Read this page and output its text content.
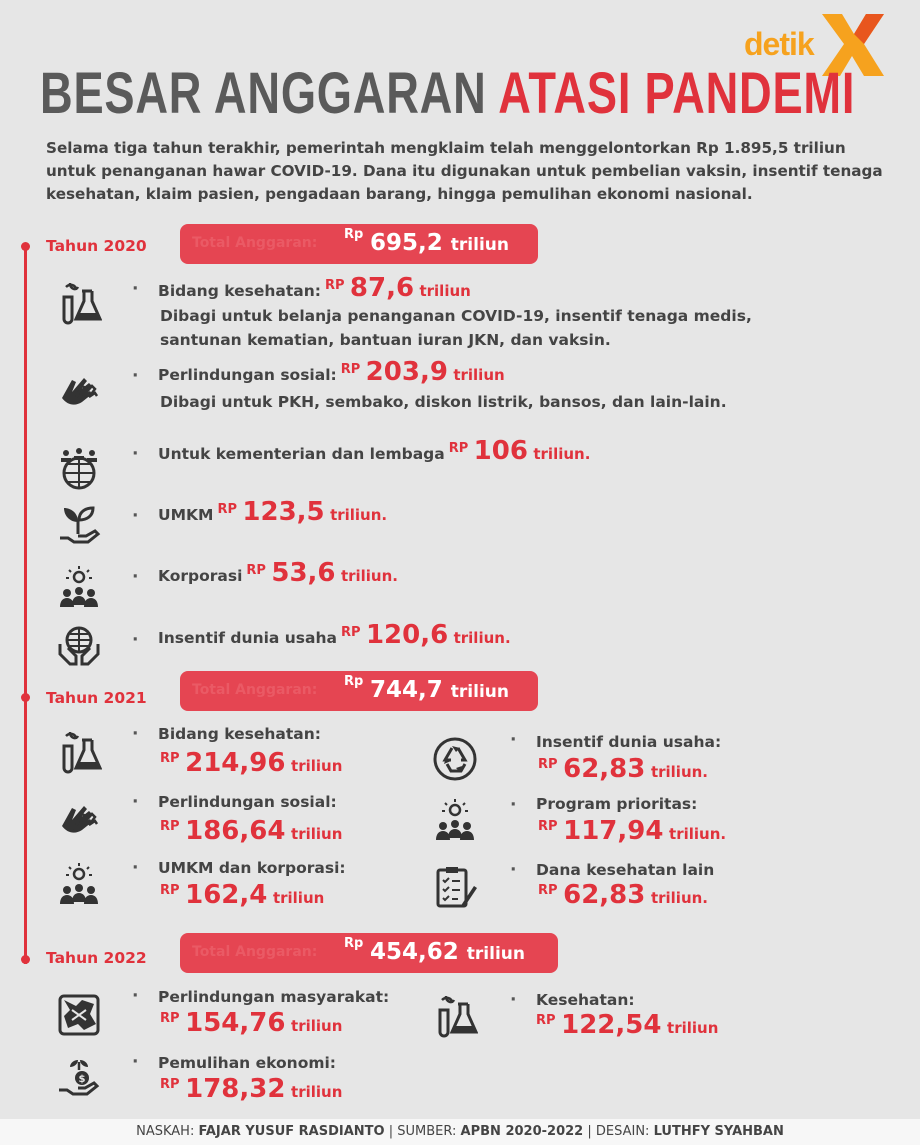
detik
BESAR ANGGARAN ATASI PANDEMI
Selama tiga tahun terakhir, pemerintah mengklaim telah menggelontorkan Rp 1.895,5 triliun untuk penanganan hawar COVID-19. Dana itu digunakan untuk pembelian vaksin, insentif tenaga kesehatan, klaim pasien, pengadaan barang, hingga pemulihan ekonomi nasional.
Tahun 2020	Total Anggaran:
Rp 695,2 triliun
· Bidang kesehatan: $^{RP}$ 87,6 triliun
Dibagi untuk belanja penanganan COVID-19, insentif tenaga medis,
santunan kematian, bantuan iuran JKN, dan vaksin.
· Perlindungan sosial: $^{RP}$ 203,9 triliun
Dibagi untuk PKH, sembako, diskon listrik, bansos, dan lain-lain.
· Untuk kementerian dan lembaga $^{RP}$ 106 triliun.
· UMKM $^{RP}$ 123,5 triliun.
· Korporasi $^{RP}$ 53,6 triliun.
· Insentif dunia usaha $^{RP}$ 120,6 triliun.
Tahun 2021	Total Anggaran:
Rp 744,7 triliun
· Bidang kesehatan:
$^{RP}$ 214,96 triliun
· Perlindungan sosial:
$^{RP}$ 186,64 triliun
· UMKM dan korporasi:
$^{RP}$ 162,4 triliun
· Insentif dunia usaha:
$^{RP}$ 62,83 triliun.
· Program prioritas:
$^{RP}$ 117,94 triliun.
· Dana kesehatan lain
$^{RP}$ 62,83 triliun.
Tahun 2022	Total Anggaran:
Rp 454,62 triliun
· Perlindungan masyarakat:
$^{RP}$ 154,76 triliun
· Pemulihan ekonomi:
$^{RP}$ 178,32 triliun
· Kesehatan:
$^{RP}$ 122,54 triliun
NASKAH: FAJAR YUSUF RASDIANTO | SUMBER: APBN 2020-2022 | DESAIN: LUTHFY SYAHBAN
